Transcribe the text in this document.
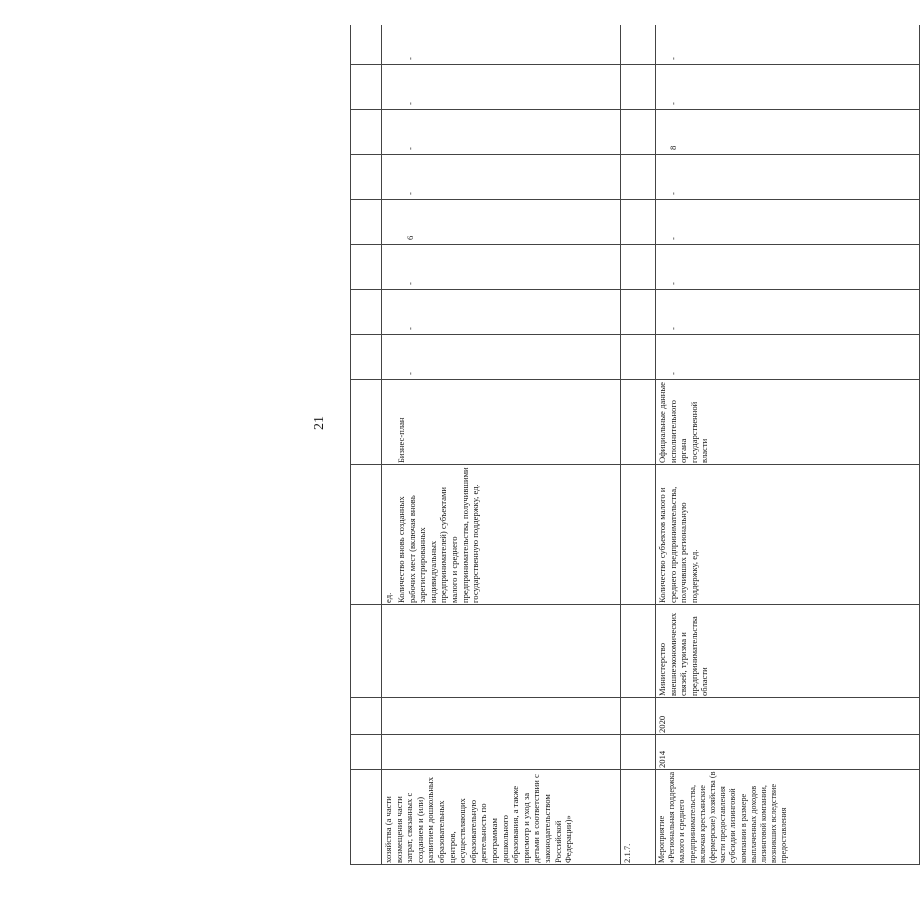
21
хозяйства (а части возмещения части затрат, связанных с созданием и (или) развитием дошкольных образовательных центров, осуществляющих образовательную деятельность по программам дошкольного образования, а также присмотр и уход за детьми в соответствии с законодательством Российской Федерации)»
ед. Количество вновь созданных рабочих мест (включая вновь зарегистрированных индивидуальных предпринимателей) субъектами малого и среднего предпринимательства, получившими государственную поддержку, ед.
Бизнес-план
-
-
-
6
-
-
-
-
2.1.7.	Мероприятие «Региональная поддержка малого и среднего предпринимательства, включая крестьянские (фермерские) хозяйства (в части предоставления субсидии лизинговой компании в размере выплаченных доходов лизинговой компании, возникших вследствие предоставления
2014
2020
Министерство внешнеэкономических связей, туризма и предпринимательства области
Количество субъектов малого и среднего предпринимательства, получивших региональную поддержку, ед.
Официальные данные исполнительного органа государственной власти
-
-
-
-
-
8
-
-
